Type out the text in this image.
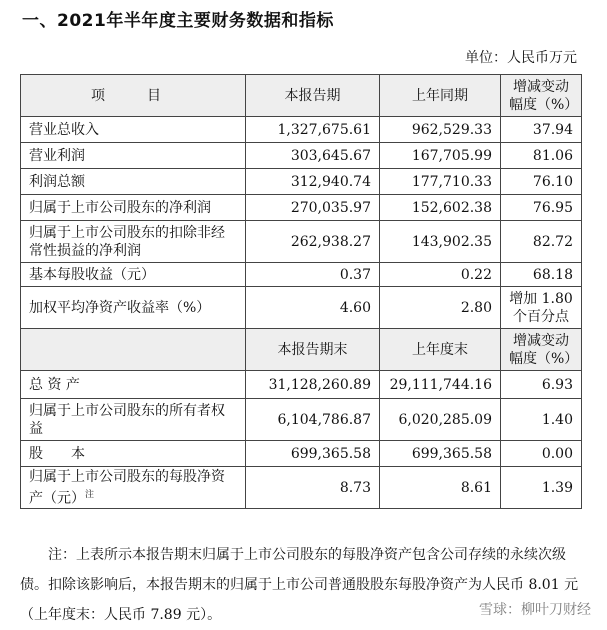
一、2021年半年度主要财务数据和指标
单位：人民币万元
项　目	本报告期	上年同期	增减变动幅度（%）
营业总收入	1,327,675.61	962,529.33	37.94
营业利润	303,645.67	167,705.99	81.06
利润总额	312,940.74	177,710.33	76.10
归属于上市公司股东的净利润	270,035.97	152,602.38	76.95
归属于上市公司股东的扣除非经常性损益的净利润	262,938.27	143,902.35	82.72
基本每股收益（元）	0.37	0.22	68.18
加权平均净资产收益率（%）	4.60	2.80	增加 1.80 个百分点
	本报告期末	上年度末	增减变动幅度（%）
总 资 产	31,128,260.89	29,111,744.16	6.93
归属于上市公司股东的所有者权益	6,104,786.87	6,020,285.09	1.40
股　　本	699,365.58	699,365.58	0.00
归属于上市公司股东的每股净资产（元）$^注$	8.73	8.61	1.39
注：上表所示本报告期末归属于上市公司股东的每股净资产包含公司存续的永续次级债。扣除该影响后，本报告期末的归属于上市公司普通股股东每股净资产为人民币 8.01 元（上年度末：人民币 7.89 元）。	雪球：柳叶刀财经
